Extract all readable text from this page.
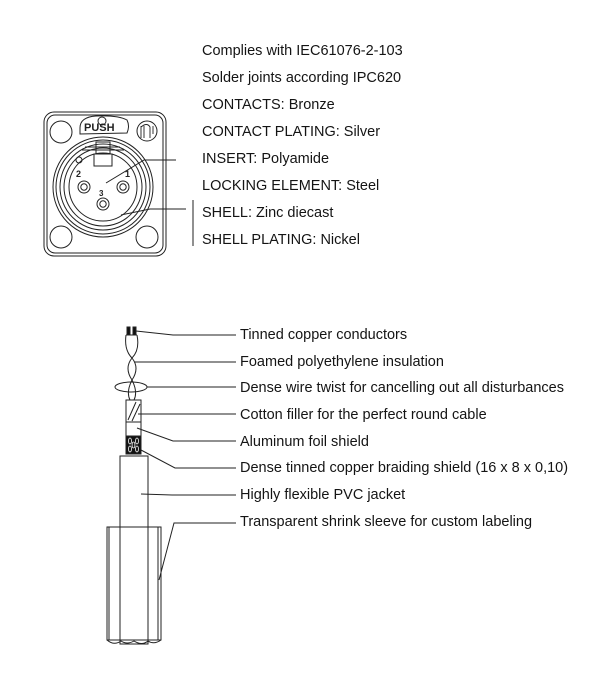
PUSH
2	1
3
Complies with IEC61076-2-103
Solder joints according IPC620
CONTACTS: Bronze
CONTACT PLATING: Silver
INSERT: Polyamide
LOCKING ELEMENT: Steel
SHELL: Zinc diecast
SHELL PLATING: Nickel
Tinned copper conductors
Foamed polyethylene insulation
Dense wire twist for cancelling out all disturbances
Cotton filler for the perfect round cable
Aluminum foil shield
Dense tinned copper braiding shield (16 x 8 x 0,10)
Highly flexible PVC jacket
Transparent shrink sleeve for custom labeling
